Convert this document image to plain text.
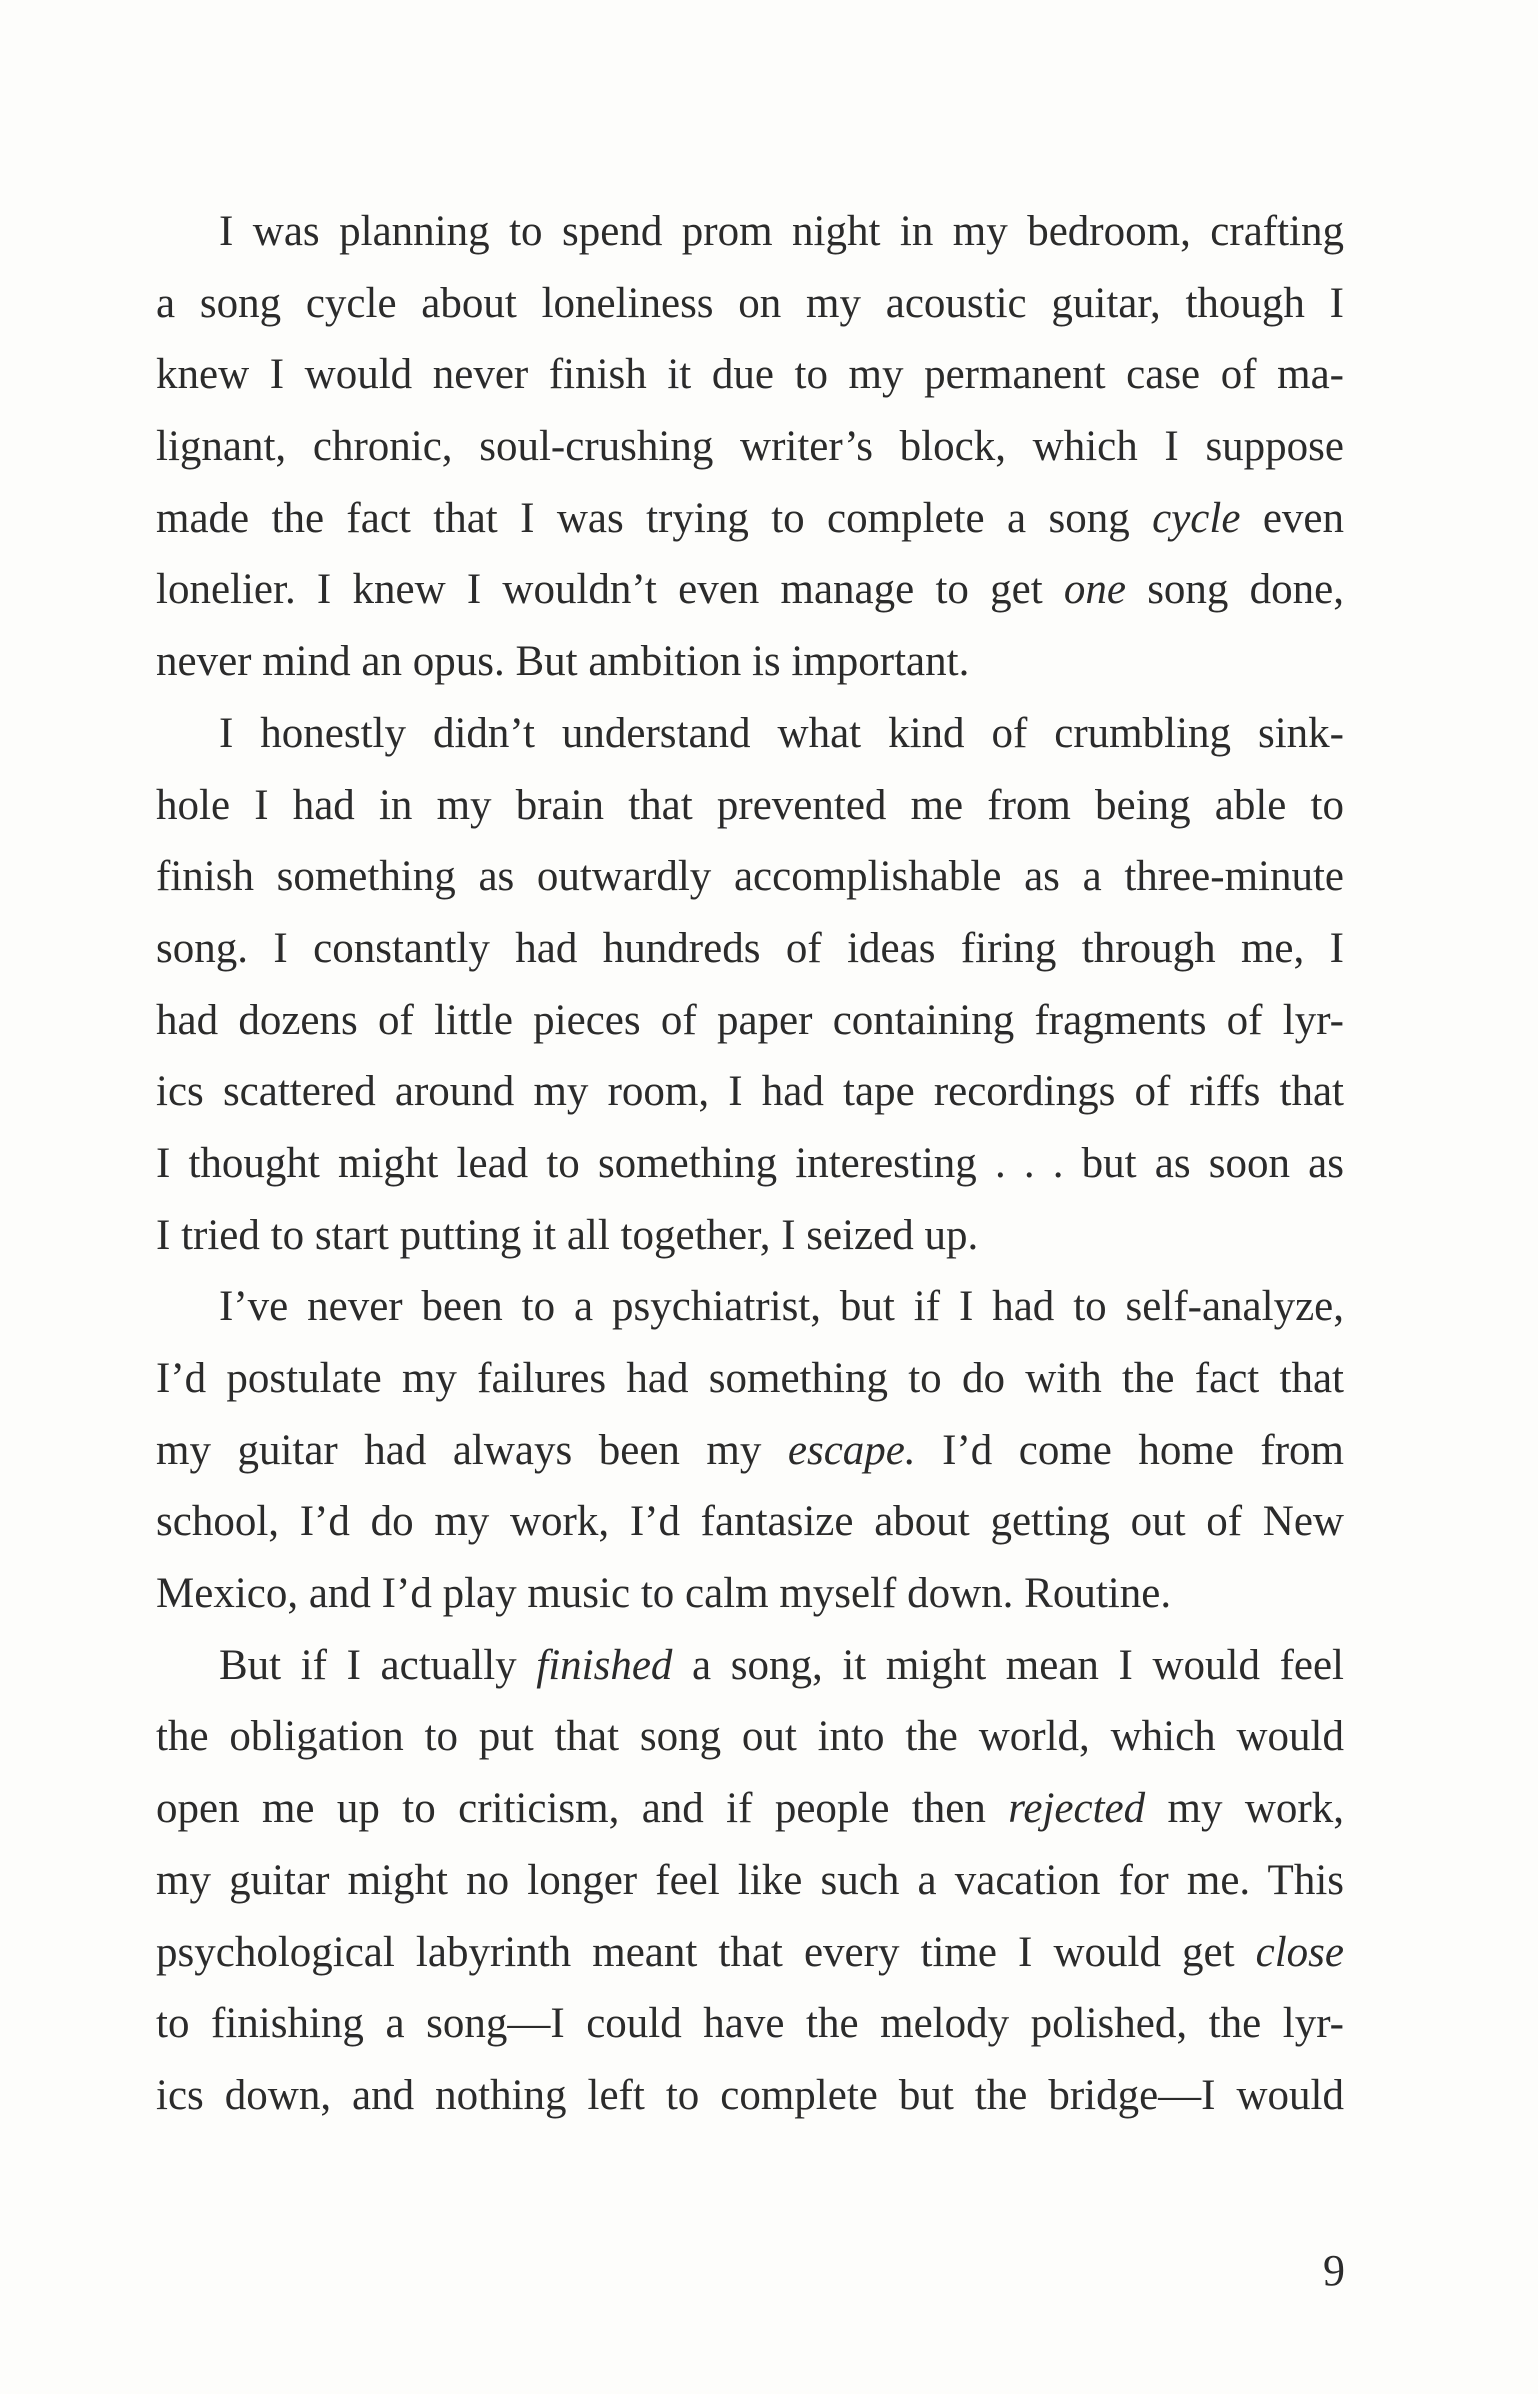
I was planning to spend prom night in my bedroom, crafting
a song cycle about loneliness on my acoustic guitar, though I
knew I would never finish it due to my permanent case of ma-
lignant, chronic, soul-crushing writer’s block, which I suppose
made the fact that I was trying to complete a song cycle even
lonelier. I knew I wouldn’t even manage to get one song done,
never mind an opus. But ambition is important.
I honestly didn’t understand what kind of crumbling sink-
hole I had in my brain that prevented me from being able to
finish something as outwardly accomplishable as a three-minute
song. I constantly had hundreds of ideas firing through me, I
had dozens of little pieces of paper containing fragments of lyr-
ics scattered around my room, I had tape recordings of riffs that
I thought might lead to something interesting . . . but as soon as
I tried to start putting it all together, I seized up.
I’ve never been to a psychiatrist, but if I had to self-analyze,
I’d postulate my failures had something to do with the fact that
my guitar had always been my escape. I’d come home from
school, I’d do my work, I’d fantasize about getting out of New
Mexico, and I’d play music to calm myself down. Routine.
But if I actually finished a song, it might mean I would feel
the obligation to put that song out into the world, which would
open me up to criticism, and if people then rejected my work,
my guitar might no longer feel like such a vacation for me. This
psychological labyrinth meant that every time I would get close
to finishing a song—I could have the melody polished, the lyr-
ics down, and nothing left to complete but the bridge—I would
9
